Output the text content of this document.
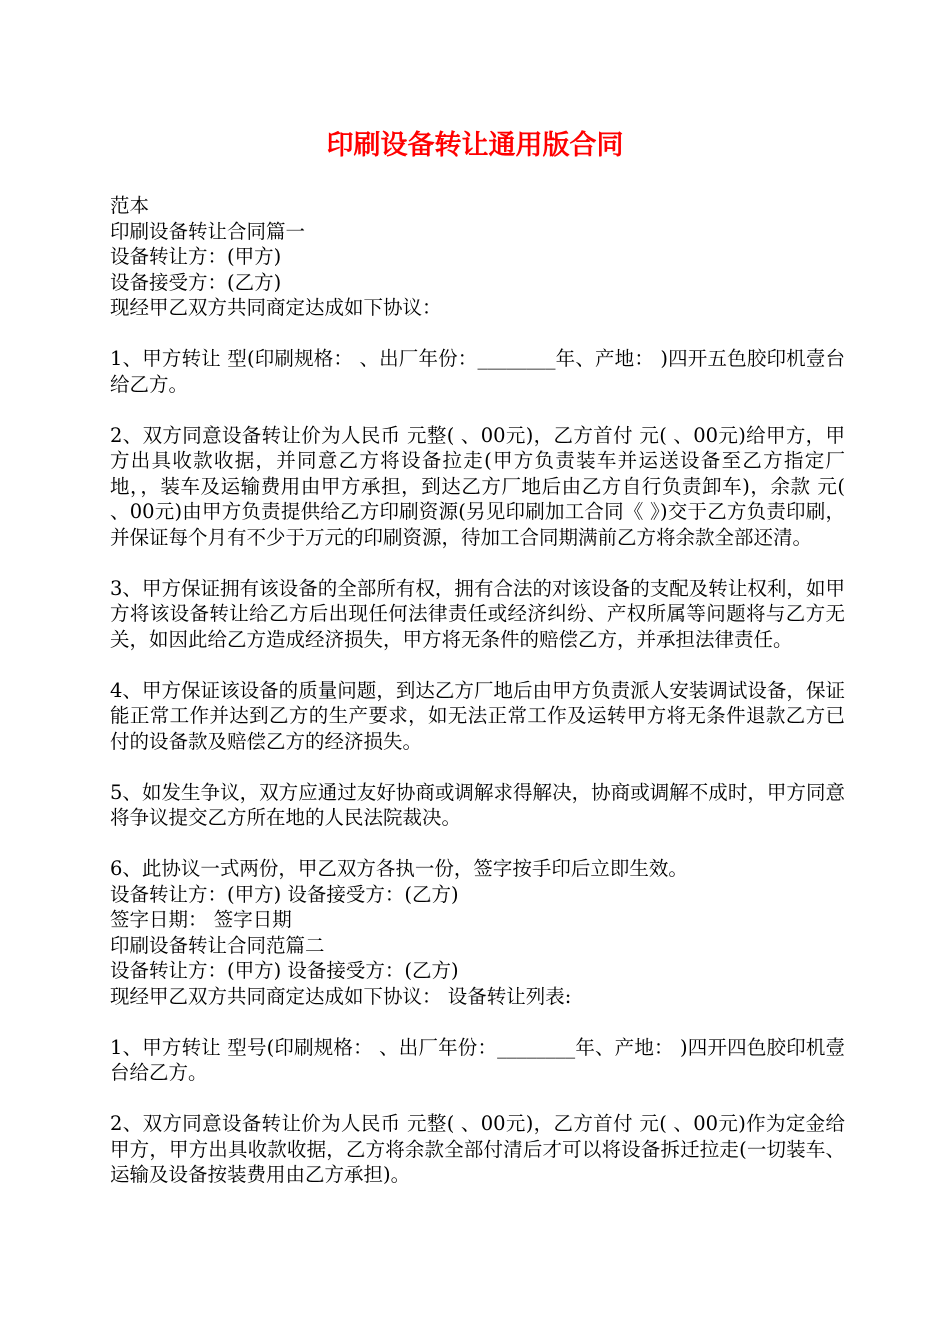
印刷设备转让通用版合同
范本
印刷设备转让合同篇一
设备转让方：(甲方)
设备接受方：(乙方)
现经甲乙双方共同商定达成如下协议：
1、甲方转让 型(印刷规格： 、出厂年份：________年、产地： )四开五色胶印机壹台给乙方。
2、双方同意设备转让价为人民币 元整( 、00元)，乙方首付 元( 、00元)给甲方，甲方出具收款收据，并同意乙方将设备拉走(甲方负责装车并运送设备至乙方指定厂地，，装车及运输费用由甲方承担，到达乙方厂地后由乙方自行负责卸车)，余款 元( 、00元)由甲方负责提供给乙方印刷资源(另见印刷加工合同《 》)交于乙方负责印刷，并保证每个月有不少于万元的印刷资源，待加工合同期满前乙方将余款全部还清。
3、甲方保证拥有该设备的全部所有权，拥有合法的对该设备的支配及转让权利，如甲方将该设备转让给乙方后出现任何法律责任或经济纠纷、产权所属等问题将与乙方无关，如因此给乙方造成经济损失，甲方将无条件的赔偿乙方，并承担法律责任。
4、甲方保证该设备的质量问题，到达乙方厂地后由甲方负责派人安装调试设备，保证能正常工作并达到乙方的生产要求，如无法正常工作及运转甲方将无条件退款乙方已付的设备款及赔偿乙方的经济损失。
5、如发生争议，双方应通过友好协商或调解求得解决，协商或调解不成时，甲方同意将争议提交乙方所在地的人民法院裁决。
6、此协议一式两份，甲乙双方各执一份，签字按手印后立即生效。
设备转让方：(甲方) 设备接受方：(乙方)
签字日期： 签字日期
印刷设备转让合同范篇二
设备转让方：(甲方) 设备接受方：(乙方)
现经甲乙双方共同商定达成如下协议： 设备转让列表:
1、甲方转让 型号(印刷规格： 、出厂年份：________年、产地： )四开四色胶印机壹台给乙方。
2、双方同意设备转让价为人民币 元整( 、00元)，乙方首付 元( 、00元)作为定金给甲方，甲方出具收款收据，乙方将余款全部付清后才可以将设备拆迁拉走(一切装车、运输及设备按装费用由乙方承担)。
